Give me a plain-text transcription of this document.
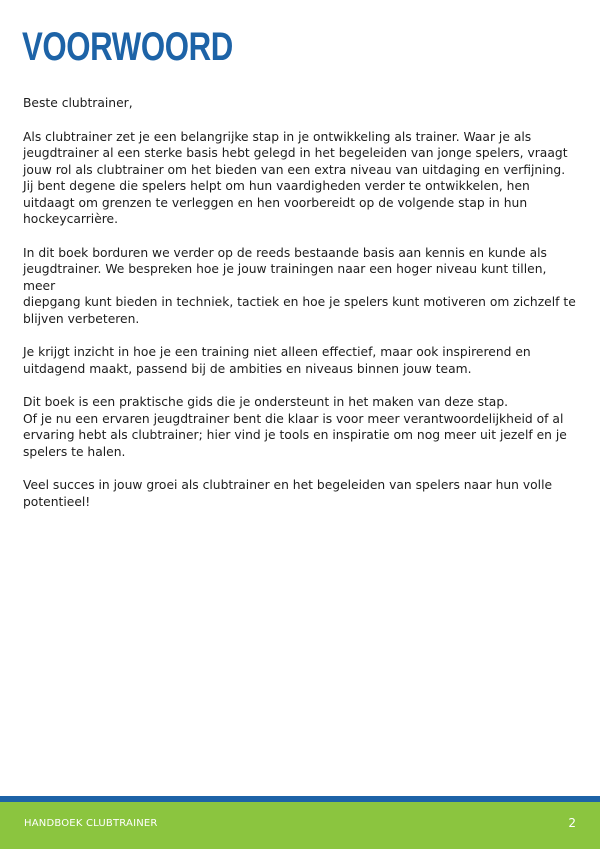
VOORWOORD

Beste clubtrainer,

Als clubtrainer zet je een belangrijke stap in je ontwikkeling als trainer. Waar je als
jeugdtrainer al een sterke basis hebt gelegd in het begeleiden van jonge spelers, vraagt
jouw rol als clubtrainer om het bieden van een extra niveau van uitdaging en verfijning.
Jij bent degene die spelers helpt om hun vaardigheden verder te ontwikkelen, hen
uitdaagt om grenzen te verleggen en hen voorbereidt op de volgende stap in hun
hockeycarrière.

In dit boek borduren we verder op de reeds bestaande basis aan kennis en kunde als
jeugdtrainer. We bespreken hoe je jouw trainingen naar een hoger niveau kunt tillen, meer
diepgang kunt bieden in techniek, tactiek en hoe je spelers kunt motiveren om zichzelf te
blijven verbeteren.

Je krijgt inzicht in hoe je een training niet alleen effectief, maar ook inspirerend en
uitdagend maakt, passend bij de ambities en niveaus binnen jouw team.

Dit boek is een praktische gids die je ondersteunt in het maken van deze stap.
Of je nu een ervaren jeugdtrainer bent die klaar is voor meer verantwoordelijkheid of al
ervaring hebt als clubtrainer; hier vind je tools en inspiratie om nog meer uit jezelf en je
spelers te halen.

Veel succes in jouw groei als clubtrainer en het begeleiden van spelers naar hun volle
potentieel!

HANDBOEK CLUBTRAINER	2
